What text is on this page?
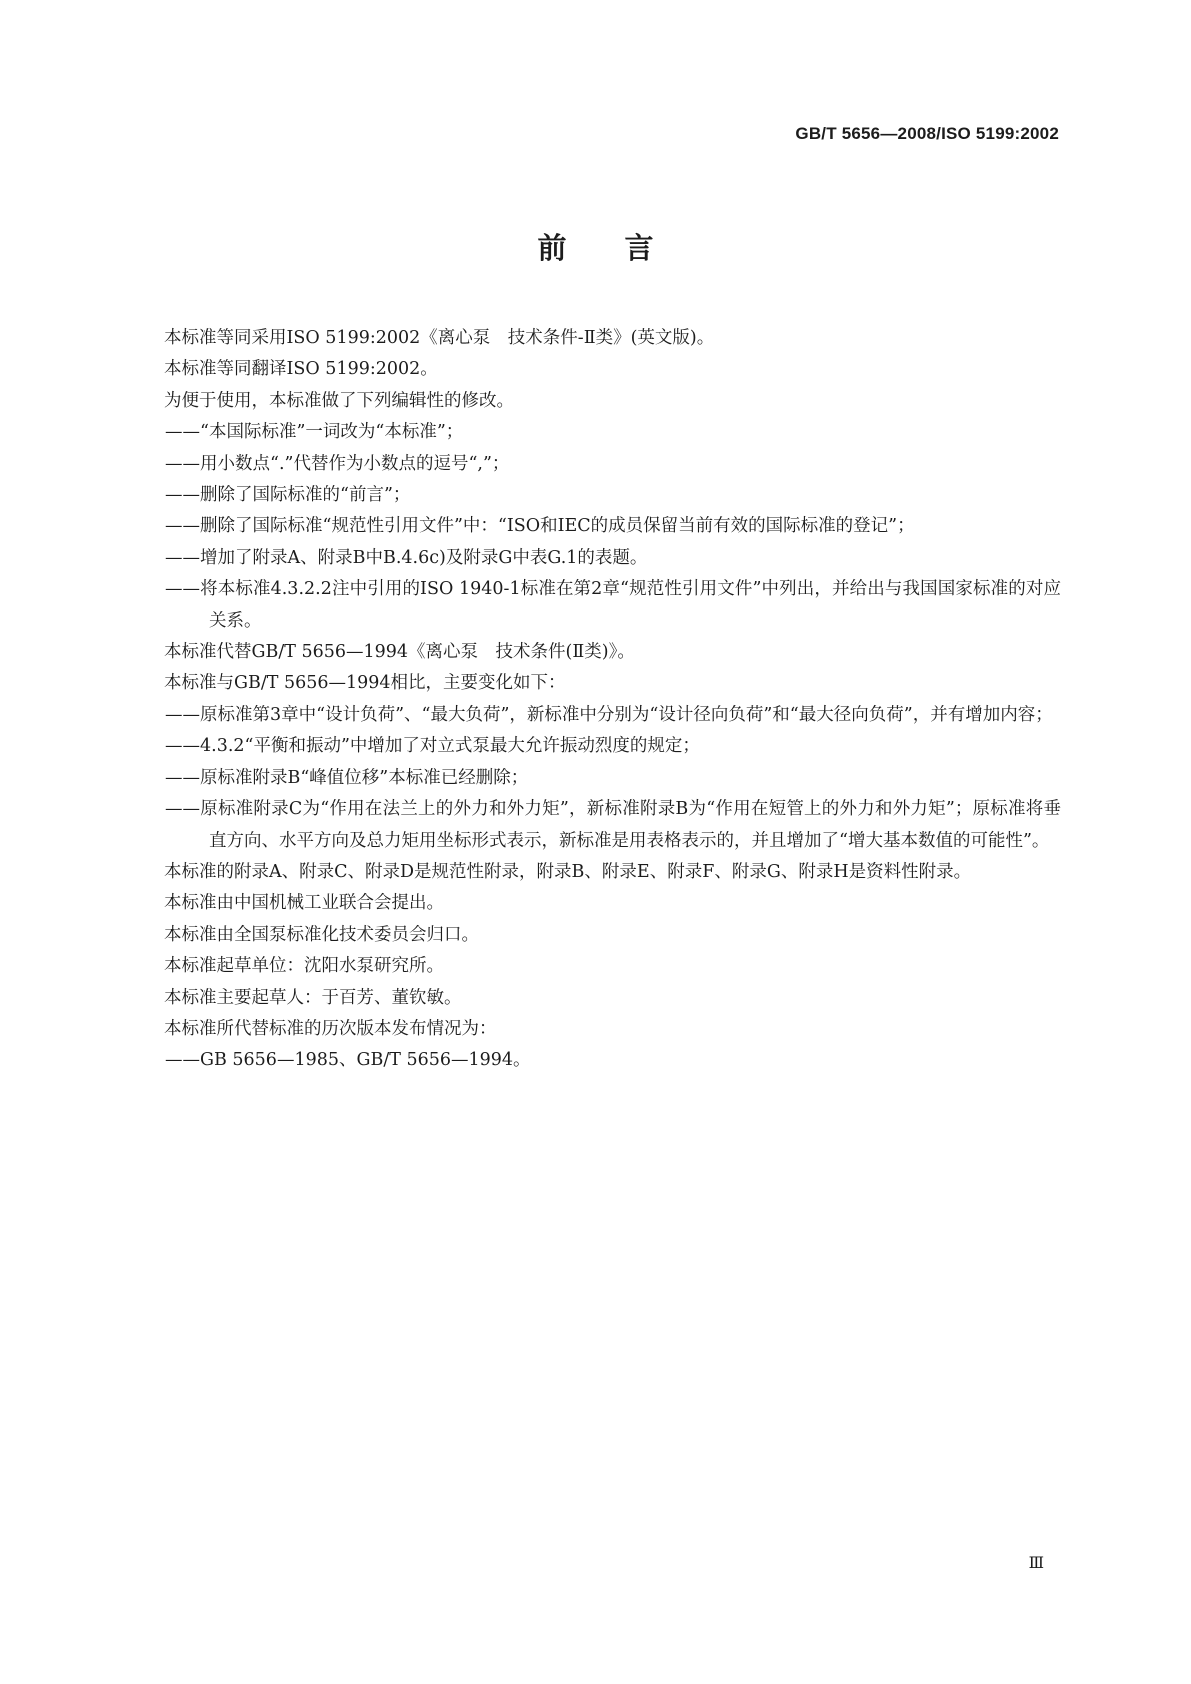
GB/T 5656—2008/ISO 5199:2002
前言

本标准等同采用ISO 5199:2002《离心泵　技术条件-Ⅱ类》(英文版)。

本标准等同翻译ISO 5199:2002。

为便于使用，本标准做了下列编辑性的修改。

——“本国际标准”一词改为“本标准”；

——用小数点“.”代替作为小数点的逗号“,”；

——删除了国际标准的“前言”；

——删除了国际标准“规范性引用文件”中：“ISO和IEC的成员保留当前有效的国际标准的登记”；

——增加了附录A、附录B中B.4.6c)及附录G中表G.1的表题。

——将本标准4.3.2.2注中引用的ISO 1940-1标准在第2章“规范性引用文件”中列出，并给出与我国国家标准的对应关系。

本标准代替GB/T 5656—1994《离心泵　技术条件(Ⅱ类)》。

本标准与GB/T 5656—1994相比，主要变化如下：

——原标准第3章中“设计负荷”、“最大负荷”，新标准中分别为“设计径向负荷”和“最大径向负荷”，并有增加内容；

——4.3.2“平衡和振动”中增加了对立式泵最大允许振动烈度的规定；

——原标准附录B“峰值位移”本标准已经删除；

——原标准附录C为“作用在法兰上的外力和外力矩”，新标准附录B为“作用在短管上的外力和外力矩”；原标准将垂直方向、水平方向及总力矩用坐标形式表示，新标准是用表格表示的，并且增加了“增大基本数值的可能性”。

本标准的附录A、附录C、附录D是规范性附录，附录B、附录E、附录F、附录G、附录H是资料性附录。

本标准由中国机械工业联合会提出。

本标准由全国泵标准化技术委员会归口。

本标准起草单位：沈阳水泵研究所。

本标准主要起草人：于百芳、董钦敏。

本标准所代替标准的历次版本发布情况为：

——GB 5656—1985、GB/T 5656—1994。

Ⅲ
